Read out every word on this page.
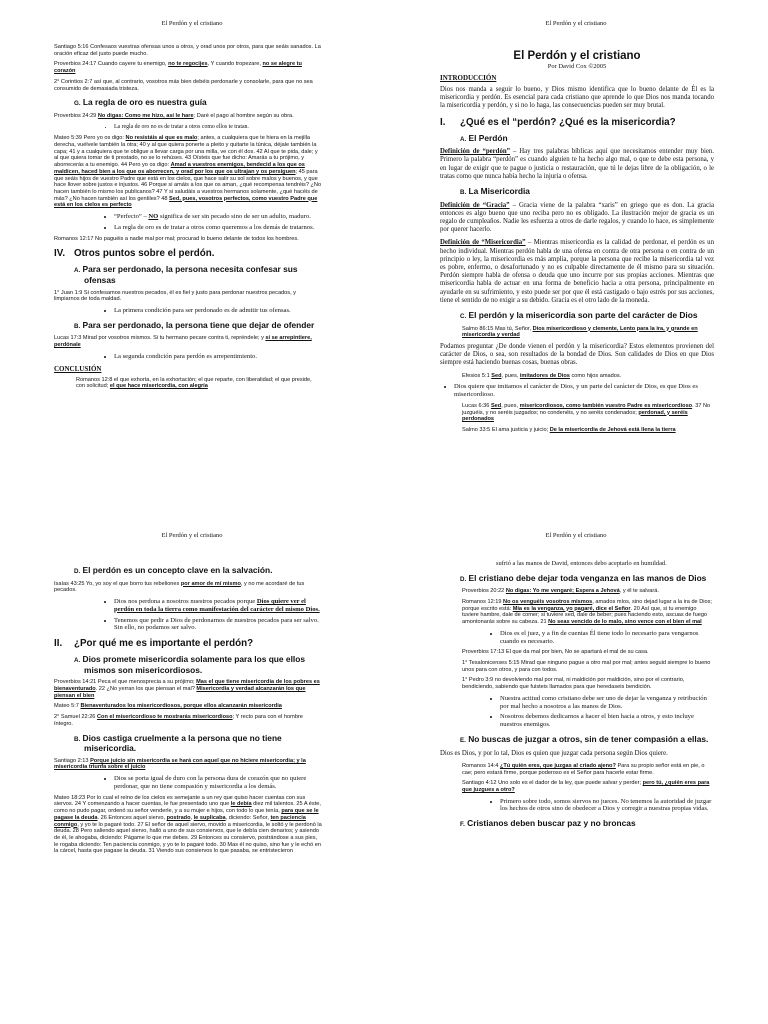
El Perdón y el cristiano

Santiago 5:16 Confesaos vuestras ofensas unos a otros, y orad unos por otros, para que seáis sanados. La oración eficaz del justo puede mucho.

Proverbios 24:17 Cuando cayere tu enemigo, no te regocijes, Y cuando tropezare, no se alegre tu corazón

2° Corintios 2:7 así que, al contrario, vosotros más bien debéis perdonarle y consolarle, para que no sea consumido de demasiada tristeza.

G. La regla de oro es nuestra guía

Proverbios 24:29 No digas: Como me hizo, así le hare; Daré el pago al hombre según su obra.

• La regla de oro no es de tratar a otros como ellos te tratan.

Mateo 5:39 Pero yo os digo: No resistáis al que es malo; antes, a cualquiera que te hiera en la mejilla derecha, vuélvele también la otra; 40 y al que quiera ponerte a pleito y quitarte la túnica, déjale también la capa; 41 y a cualquiera que te obligue a llevar carga por una milla, ve con él dos. 42 Al que te pida, dale; y al que quiera tomar de ti prestado, no se lo rehúses. 43 Oísteis que fue dicho: Amarás a tu prójimo, y aborrecerás a tu enemigo. 44 Pero yo os digo: Amad a vuestros enemigos, bendecid a los que os maldicen, haced bien a los que os aborrecen, y orad por los que os ultrajan y os persiguen; 45 para que seáis hijos de vuestro Padre que está en los cielos, que hace salir su sol sobre malos y buenos, y que hace llover sobre justos e injustos. 46 Porque si amáis a los que os aman, ¿qué recompensa tendréis? ¿No hacen también lo mismo los publicanos? 47 Y si saludáis a vuestros hermanos solamente, ¿qué hacéis de más? ¿No hacen también así los gentiles? 48 Sed, pues, vosotros perfectos, como vuestro Padre que está en los cielos es perfecto

• “Perfecto” – NO significa de ser sin pecado sino de ser un adulto, maduro.
• La regla de oro es de tratar a otros como queremos a los demás de tratarnos.

Romanos 12:17 No paguéis a nadie mal por mal; procurad lo bueno delante de todos los hombres.

IV. Otros puntos sobre el perdón.
A. Para ser perdonado, la persona necesita confesar sus ofensas

1° Juan 1:9 Si confesamos nuestros pecados, él es fiel y justo para perdonar nuestros pecados, y limpiarnos de toda maldad.

• La primera condición para ser perdonado es de admitir tus ofensas.
B. Para ser perdonado, la persona tiene que dejar de ofender

Lucas 17:3 Mirad por vosotros mismos. Si tu hermano pecare contra ti, repréndele; y si se arrepintiere, perdónale

• La segunda condición para perdón es arrepentimiento.
CONCLUSIÓN

Romanos 12:8 el que exhorta, en la exhortación; el que reparte, con liberalidad; el que preside, con solicitud; el que hace misericordia, con alegría

El Perdón y el cristiano
El Perdón y el cristiano
Por David Cox ©2005
INTRODUCCIÓN

Dios nos manda a seguir lo bueno, y Dios mismo identifica que lo bueno delante de Él es la misericordia y perdón. Es esencial para cada cristiano que aprende lo que Dios nos manda tocando la misericordia y perdón, y si no lo haga, las consecuencias pueden ser muy brutal.

I. ¿Qué es el “perdón? ¿Qué es la misericordia?
A. El Perdón

Definición de “perdón” – Hay tres palabras bíblicas aquí que necesitamos entender muy bien. Primero la palabra “perdón” es cuando alguien te ha hecho algo mal, o que te debe esta persona, y en lugar de exigir que te pague o justicia o restauración, que tú le dejas libre de la obligación, o le tratas como que nunca había hecho la injuria o ofensa.

B. La Misericordia

Definición de “Gracia” – Gracia viene de la palabra “xaris” en griego que es don. La gracia entonces es algo bueno que uno reciba pero no es obligado. La ilustración mejor de gracia es un regalo de cumpleaños. Nadie les esfuerza a otros de darle regalos, y cuando lo hace, es simplemente por querer hacerlo.

Definición de “Misericordia” – Mientras misericordia es la calidad de perdonar, el perdón es un hecho individual. Mientras perdón habla de una ofensa en contra de otra persona o en contra de un principio o ley, la misericordia es más amplia, porque la persona que recibe la misericordia tal vez es pobre, enfermo, o desafortunado y no es culpable directamente de él mismo para su situación. Perdón siempre habla de ofensa o deuda que uno incurre por sus propias acciones. Mientras que misericordia habla de actuar en una forma de beneficio hacia a otra persona, principalmente en ayudarle en su sufrimiento, y esto puede ser por que él está castigado o bajo estrés por sus acciones, tiene el sentido de no exigir a su debido. Gracia es el otro lado de la moneda.

C. El perdón y la misericordia son parte del carácter de Dios

Salmo 86:15 Mas tú, Señor, Dios misericordioso y clemente, Lento para la ira, y grande en misericordia y verdad

Podamos preguntar ¿De donde vienen el perdón y la misericordia? Estos elementos provienen del carácter de Dios, o sea, son resultados de la bondad de Dios. Son calidades de Dios en que Dios siempre está haciendo buenas cosas, buenas obras.

Efesios 5:1 Sed, pues, imitadores de Dios como hijos amados.

• Dios quiere que imitamos el carácter de Dios, y un parte del carácter de Dios, es que Dios es misericordioso.

Lucas 6:36 Sed, pues, misericordiosos, como también vuestro Padre es misericordioso. 37 No juzguéis, y no seréis juzgados; no condenéis, y no seréis condenados; perdonad, y seréis perdonados

Salmo 33:5 El ama justicia y juicio; De la misericordia de Jehová está llena la tierra

El Perdón y el cristiano
D. El perdón es un concepto clave en la salvación.

Isaías 43:25 Yo, yo soy el que borro tus rebeliones por amor de mí mismo, y no me acordaré de tus pecados.

• Dios nos perdona a nosotros nuestros pecados porque Dios quiere ver el perdón en toda la tierra como manifestación del carácter del mismo Dios.
• Tenemos que pedir a Dios de perdonarnos de nuestros pecados para ser salvo. Sin ello, no podamos ser salvo.
II. ¿Por qué me es importante el perdón?
A. Dios promete misericordia solamente para los que ellos mismos son misericordiosos.

Proverbios 14:21 Peca el que menosprecia a su prójimo; Mas el que tiene misericordia de los pobres es bienaventurado. 22 ¿No yerran los que piensan el mal? Misericordia y verdad alcanzarán los que piensan el bien

Mateo 5:7 Bienaventurados los misericordiosos, porque ellos alcanzarán misericordia

2° Samuel 22:26 Con el misericordioso te mostrarás misericordioso; Y recto para con el hombre íntegro.

B. Dios castiga cruelmente a la persona que no tiene misericordia.

Santiago 2:13 Porque juicio sin misericordia se hará con aquel que no hiciere misericordia; y la misericordia triunfa sobre el juicio

• Dios se porta igual de duro con la persona dura de corazón que no quiere perdonar, que no tiene compasión y misericordia a los demás.

Mateo 18:23 Por lo cual el reino de los cielos es semejante a un rey que quiso hacer cuentas con sus siervos. 24 Y comenzando a hacer cuentas, le fue presentado uno que le debía diez mil talentos. 25 A éste, como no pudo pagar, ordenó su señor venderle, y a su mujer e hijos, con todo lo que tenía, para que se le pagase la deuda. 26 Entonces aquel siervo, postrado, le suplicaba, diciendo: Señor, ten paciencia conmigo, y yo te lo pagaré todo. 27 El señor de aquel siervo, movido a misericordia, le soltó y le perdonó la deuda. 28 Pero saliendo aquel siervo, halló a uno de sus consiervos, que le debía cien denarios; y asiendo de él, le ahogaba, diciendo: Págame lo que me debes. 29 Entonces su consiervo, postrándose a sus pies, le rogaba diciendo: Ten paciencia conmigo, y yo te lo pagaré todo. 30 Mas él no quiso, sino fue y le echó en la cárcel, hasta que pagase la deuda. 31 Viendo sus consiervos lo que pasaba, se entristecieron

El Perdón y el cristiano

sufrió a las manos de David, entonces debo aceptarlo en humildad.

D. El cristiano debe dejar toda venganza en las manos de Dios

Proverbios 20:22 No digas: Yo me vengaré; Espera a Jehová, y él te salvará.

Romanos 12:19 No os venguéis vosotros mismos, amados míos, sino dejad lugar a la ira de Dios; porque escrito está: Mía es la venganza, yo pagaré, dice el Señor. 20 Así que, si tu enemigo tuviere hambre, dale de comer; si tuviere sed, dale de beber; pues haciendo esto, ascuas de fuego amontonarás sobre su cabeza. 21 No seas vencido de lo malo, sino vence con el bien el mal

• Dios es el juez, y a fin de cuentas Él tiene todo lo necesario para vengarnos cuando es necesario.

Proverbios 17:13 El que da mal por bien, No se apartará el mal de su casa.

1° Tesalonicenses 5:15 Mirad que ninguno pague a otro mal por mal; antes seguid siempre lo bueno unos para con otros, y para con todos.

1° Pedro 3:9 no devolviendo mal por mal, ni maldición por maldición, sino por el contrario, bendiciendo, sabiendo que fuisteis llamados para que heredaseis bendición.

• Nuestra actitud como cristiano debe ser uno de dejar la venganza y retribución por mal hecho a nosotros a las manos de Dios.
• Nosotros debemos dedicarnos a hacer el bien hacia a otros, y esto incluye nuestros enemigos.
E. No buscas de juzgar a otros, sin de tener compasión a ellas.

Dios es Dios, y por lo tal, Dios es quien que juzgar cada persona según Dios quiere.

Romanos 14:4 ¿Tú quién eres, que juzgas al criado ajeno? Para su propio señor está en pie, o cae; pero estará firme, porque poderoso es el Señor para hacerle estar firme.

Santiago 4:12 Uno solo es el dador de la ley, que puede salvar y perder; pero tú, ¿quién eres para que juzgues a otro?

• Primero sobre todo, somos siervos no jueces. No tenemos la autoridad de juzgar los hechos de otros sino de obedecer a Dios y corregir a nuestras propias vidas.
F. Cristianos deben buscar paz y no broncas
